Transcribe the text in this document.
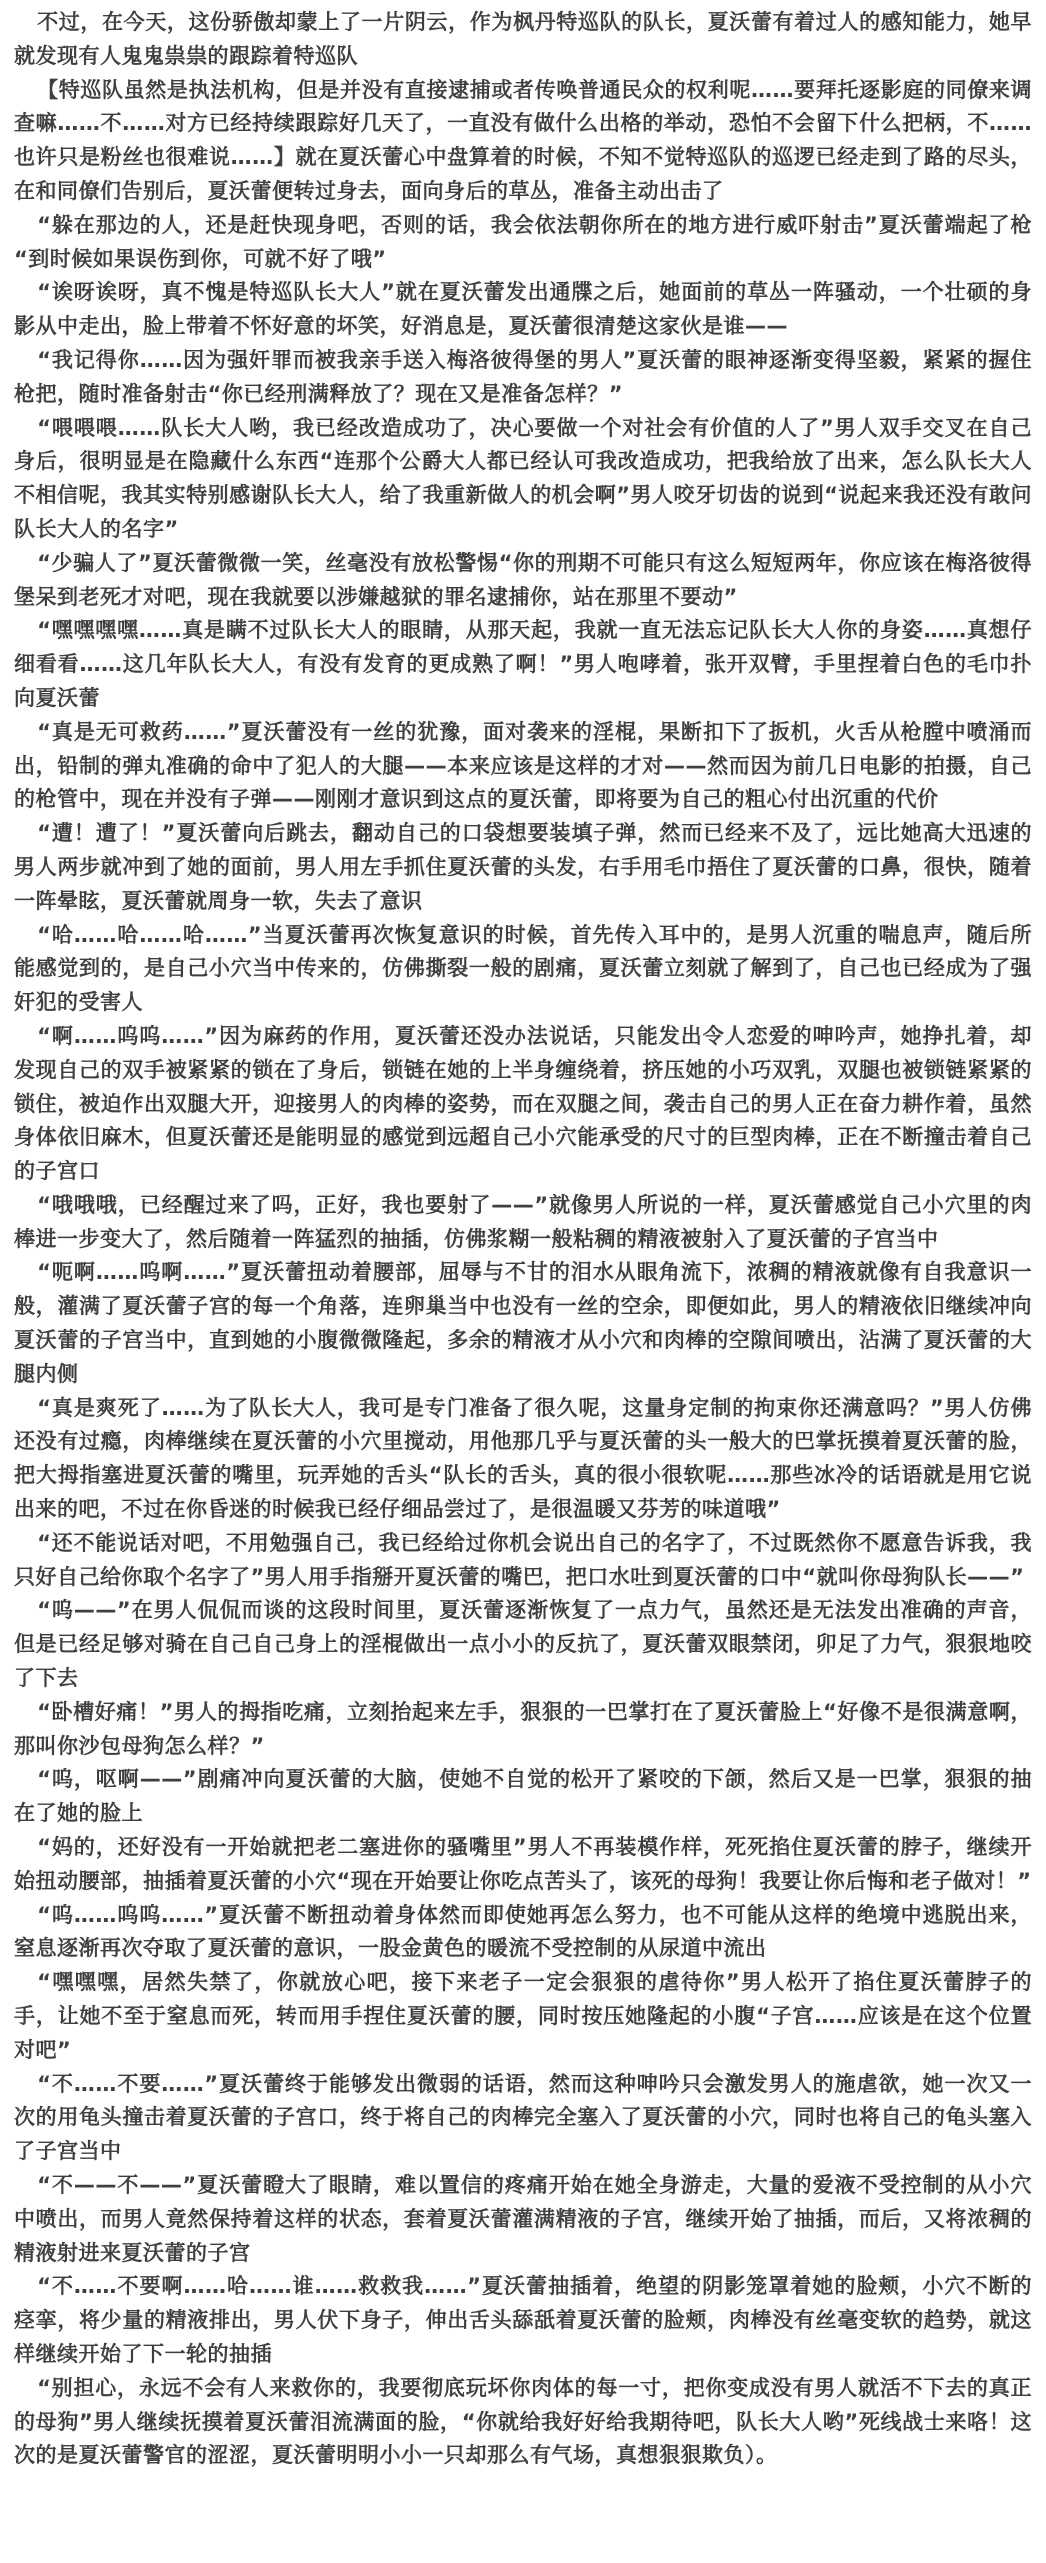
不过，在今天，这份骄傲却蒙上了一片阴云，作为枫丹特巡队的队长，夏沃蕾有着过人的感知能力，她早就发现有人鬼鬼祟祟的跟踪着特巡队

【特巡队虽然是执法机构，但是并没有直接逮捕或者传唤普通民众的权利呢……要拜托逐影庭的同僚来调查嘛……不……对方已经持续跟踪好几天了，一直没有做什么出格的举动，恐怕不会留下什么把柄，不……也许只是粉丝也很难说……】就在夏沃蕾心中盘算着的时候，不知不觉特巡队的巡逻已经走到了路的尽头，在和同僚们告别后，夏沃蕾便转过身去，面向身后的草丛，准备主动出击了

“躲在那边的人，还是赶快现身吧，否则的话，我会依法朝你所在的地方进行威吓射击”夏沃蕾端起了枪“到时候如果误伤到你，可就不好了哦”

“诶呀诶呀，真不愧是特巡队长大人”就在夏沃蕾发出通牒之后，她面前的草丛一阵骚动，一个壮硕的身影从中走出，脸上带着不怀好意的坏笑，好消息是，夏沃蕾很清楚这家伙是谁——

“我记得你……因为强奸罪而被我亲手送入梅洛彼得堡的男人”夏沃蕾的眼神逐渐变得坚毅，紧紧的握住枪把，随时准备射击“你已经刑满释放了？现在又是准备怎样？”

“喂喂喂……队长大人哟，我已经改造成功了，决心要做一个对社会有价值的人了”男人双手交叉在自己身后，很明显是在隐藏什么东西“连那个公爵大人都已经认可我改造成功，把我给放了出来，怎么队长大人不相信呢，我其实特别感谢队长大人，给了我重新做人的机会啊”男人咬牙切齿的说到“说起来我还没有敢问队长大人的名字”

“少骗人了”夏沃蕾微微一笑，丝毫没有放松警惕“你的刑期不可能只有这么短短两年，你应该在梅洛彼得堡呆到老死才对吧，现在我就要以涉嫌越狱的罪名逮捕你，站在那里不要动”

“嘿嘿嘿嘿……真是瞒不过队长大人的眼睛，从那天起，我就一直无法忘记队长大人你的身姿……真想仔细看看……这几年队长大人，有没有发育的更成熟了啊！”男人咆哮着，张开双臂，手里捏着白色的毛巾扑向夏沃蕾

“真是无可救药……”夏沃蕾没有一丝的犹豫，面对袭来的淫棍，果断扣下了扳机，火舌从枪膛中喷涌而出，铅制的弹丸准确的命中了犯人的大腿——本来应该是这样的才对——然而因为前几日电影的拍摄，自己的枪管中，现在并没有子弹——刚刚才意识到这点的夏沃蕾，即将要为自己的粗心付出沉重的代价

“遭！遭了！”夏沃蕾向后跳去，翻动自己的口袋想要装填子弹，然而已经来不及了，远比她高大迅速的男人两步就冲到了她的面前，男人用左手抓住夏沃蕾的头发，右手用毛巾捂住了夏沃蕾的口鼻，很快，随着一阵晕眩，夏沃蕾就周身一软，失去了意识

“哈……哈……哈……”当夏沃蕾再次恢复意识的时候，首先传入耳中的，是男人沉重的喘息声，随后所能感觉到的，是自己小穴当中传来的，仿佛撕裂一般的剧痛，夏沃蕾立刻就了解到了，自己也已经成为了强奸犯的受害人

“啊……呜呜……”因为麻药的作用，夏沃蕾还没办法说话，只能发出令人恋爱的呻吟声，她挣扎着，却发现自己的双手被紧紧的锁在了身后，锁链在她的上半身缠绕着，挤压她的小巧双乳，双腿也被锁链紧紧的锁住，被迫作出双腿大开，迎接男人的肉棒的姿势，而在双腿之间，袭击自己的男人正在奋力耕作着，虽然身体依旧麻木，但夏沃蕾还是能明显的感觉到远超自己小穴能承受的尺寸的巨型肉棒，正在不断撞击着自己的子宫口

“哦哦哦，已经醒过来了吗，正好，我也要射了——”就像男人所说的一样，夏沃蕾感觉自己小穴里的肉棒进一步变大了，然后随着一阵猛烈的抽插，仿佛浆糊一般粘稠的精液被射入了夏沃蕾的子宫当中

“呃啊……呜啊……”夏沃蕾扭动着腰部，屈辱与不甘的泪水从眼角流下，浓稠的精液就像有自我意识一般，灌满了夏沃蕾子宫的每一个角落，连卵巢当中也没有一丝的空余，即便如此，男人的精液依旧继续冲向夏沃蕾的子宫当中，直到她的小腹微微隆起，多余的精液才从小穴和肉棒的空隙间喷出，沾满了夏沃蕾的大腿内侧

“真是爽死了……为了队长大人，我可是专门准备了很久呢，这量身定制的拘束你还满意吗？”男人仿佛还没有过瘾，肉棒继续在夏沃蕾的小穴里搅动，用他那几乎与夏沃蕾的头一般大的巴掌抚摸着夏沃蕾的脸，把大拇指塞进夏沃蕾的嘴里，玩弄她的舌头“队长的舌头，真的很小很软呢……那些冰冷的话语就是用它说出来的吧，不过在你昏迷的时候我已经仔细品尝过了，是很温暖又芬芳的味道哦”

“还不能说话对吧，不用勉强自己，我已经给过你机会说出自己的名字了，不过既然你不愿意告诉我，我只好自己给你取个名字了”男人用手指掰开夏沃蕾的嘴巴，把口水吐到夏沃蕾的口中“就叫你母狗队长——”

“呜——”在男人侃侃而谈的这段时间里，夏沃蕾逐渐恢复了一点力气，虽然还是无法发出准确的声音，但是已经足够对骑在自己自己身上的淫棍做出一点小小的反抗了，夏沃蕾双眼禁闭，卯足了力气，狠狠地咬了下去

“卧槽好痛！”男人的拇指吃痛，立刻抬起来左手，狠狠的一巴掌打在了夏沃蕾脸上“好像不是很满意啊，那叫你沙包母狗怎么样？”

“呜，呕啊——”剧痛冲向夏沃蕾的大脑，使她不自觉的松开了紧咬的下颌，然后又是一巴掌，狠狠的抽在了她的脸上

“妈的，还好没有一开始就把老二塞进你的骚嘴里”男人不再装模作样，死死掐住夏沃蕾的脖子，继续开始扭动腰部，抽插着夏沃蕾的小穴“现在开始要让你吃点苦头了，该死的母狗！我要让你后悔和老子做对！”

“呜……呜呜……”夏沃蕾不断扭动着身体然而即使她再怎么努力，也不可能从这样的绝境中逃脱出来，窒息逐渐再次夺取了夏沃蕾的意识，一股金黄色的暖流不受控制的从尿道中流出

“嘿嘿嘿，居然失禁了，你就放心吧，接下来老子一定会狠狠的虐待你”男人松开了掐住夏沃蕾脖子的手，让她不至于窒息而死，转而用手捏住夏沃蕾的腰，同时按压她隆起的小腹“子宫……应该是在这个位置对吧”

“不……不要……”夏沃蕾终于能够发出微弱的话语，然而这种呻吟只会激发男人的施虐欲，她一次又一次的用龟头撞击着夏沃蕾的子宫口，终于将自己的肉棒完全塞入了夏沃蕾的小穴，同时也将自己的龟头塞入了子宫当中

“不——不——”夏沃蕾瞪大了眼睛，难以置信的疼痛开始在她全身游走，大量的爱液不受控制的从小穴中喷出，而男人竟然保持着这样的状态，套着夏沃蕾灌满精液的子宫，继续开始了抽插，而后，又将浓稠的精液射进来夏沃蕾的子宫

“不……不要啊……哈……谁……救救我……”夏沃蕾抽插着，绝望的阴影笼罩着她的脸颊，小穴不断的痉挛，将少量的精液排出，男人伏下身子，伸出舌头舔舐着夏沃蕾的脸颊，肉棒没有丝毫变软的趋势，就这样继续开始了下一轮的抽插

“别担心，永远不会有人来救你的，我要彻底玩坏你肉体的每一寸，把你变成没有男人就活不下去的真正的母狗”男人继续抚摸着夏沃蕾泪流满面的脸，“你就给我好好给我期待吧，队长大人哟”死线战士来咯！这次的是夏沃蕾警官的涩涩，夏沃蕾明明小小一只却那么有气场，真想狠狠欺负）。
